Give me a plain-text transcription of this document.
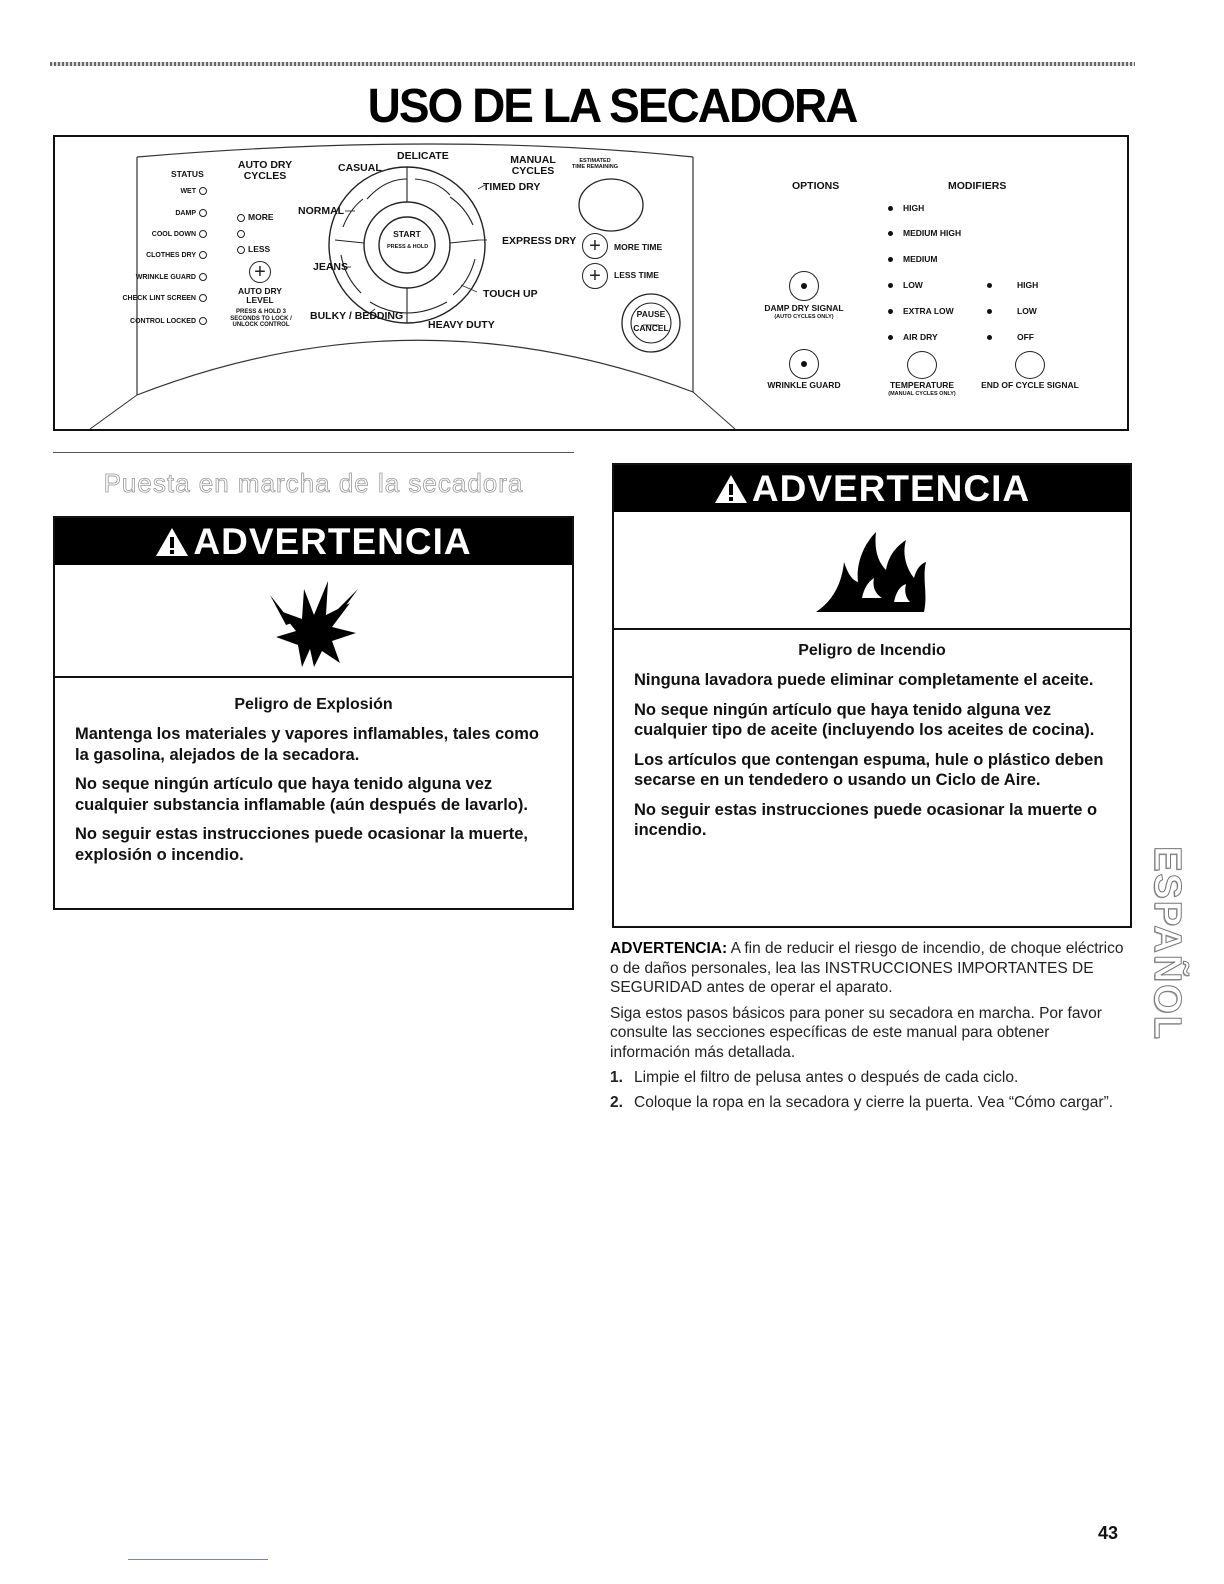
USO DE LA SECADORA
STATUS
WET
DAMP
COOL DOWN
CLOTHES DRY
WRINKLE GUARD
CHECK LINT SCREEN
CONTROL LOCKED
AUTO DRY
CYCLES
MORE
LESS
+
AUTO DRY
LEVEL
PRESS & HOLD 3
SECONDS TO LOCK /
UNLOCK CONTROL
CASUAL
DELICATE
NORMAL
JEANS
BULKY / BEDDING
HEAVY DUTY
TOUCH UP
EXPRESS DRY
TIMED DRY
START
PRESS & HOLD
MANUAL
CYCLES
ESTIMATED
TIME REMAINING
+ MORE TIME
+ LESS TIME
PAUSE
CANCEL
OPTIONS
DAMP DRY SIGNAL
(AUTO CYCLES ONLY)
WRINKLE GUARD
MODIFIERS
HIGH
MEDIUM HIGH
MEDIUM
LOW
EXTRA LOW
AIR DRY
HIGH
LOW
OFF
TEMPERATURE
(MANUAL CYCLES ONLY)
END OF CYCLE SIGNAL
Puesta en marcha de la secadora
ADVERTENCIA
Peligro de Explosión

Mantenga los materiales y vapores inflamables, tales como la gasolina, alejados de la secadora.

No seque ningún artículo que haya tenido alguna vez cualquier substancia inflamable (aún después de lavarlo).

No seguir estas instrucciones puede ocasionar la muerte, explosión o incendio.

ADVERTENCIA
Peligro de Incendio

Ninguna lavadora puede eliminar completamente el aceite.

No seque ningún artículo que haya tenido alguna vez cualquier tipo de aceite (incluyendo los aceites de cocina).

Los artículos que contengan espuma, hule o plástico deben secarse en un tendedero o usando un Ciclo de Aire.

No seguir estas instrucciones puede ocasionar la muerte o incendio.

ADVERTENCIA: A fin de reducir el riesgo de incendio, de choque eléctrico o de daños personales, lea las INSTRUCCIONES IMPORTANTES DE SEGURIDAD antes de operar el aparato.

Siga estos pasos básicos para poner su secadora en marcha. Por favor consulte las secciones específicas de este manual para obtener información más detallada.

1. Limpie el filtro de pelusa antes o después de cada ciclo.
2. Coloque la ropa en la secadora y cierre la puerta. Vea “Cómo cargar”.
ESPAÑOL
43
